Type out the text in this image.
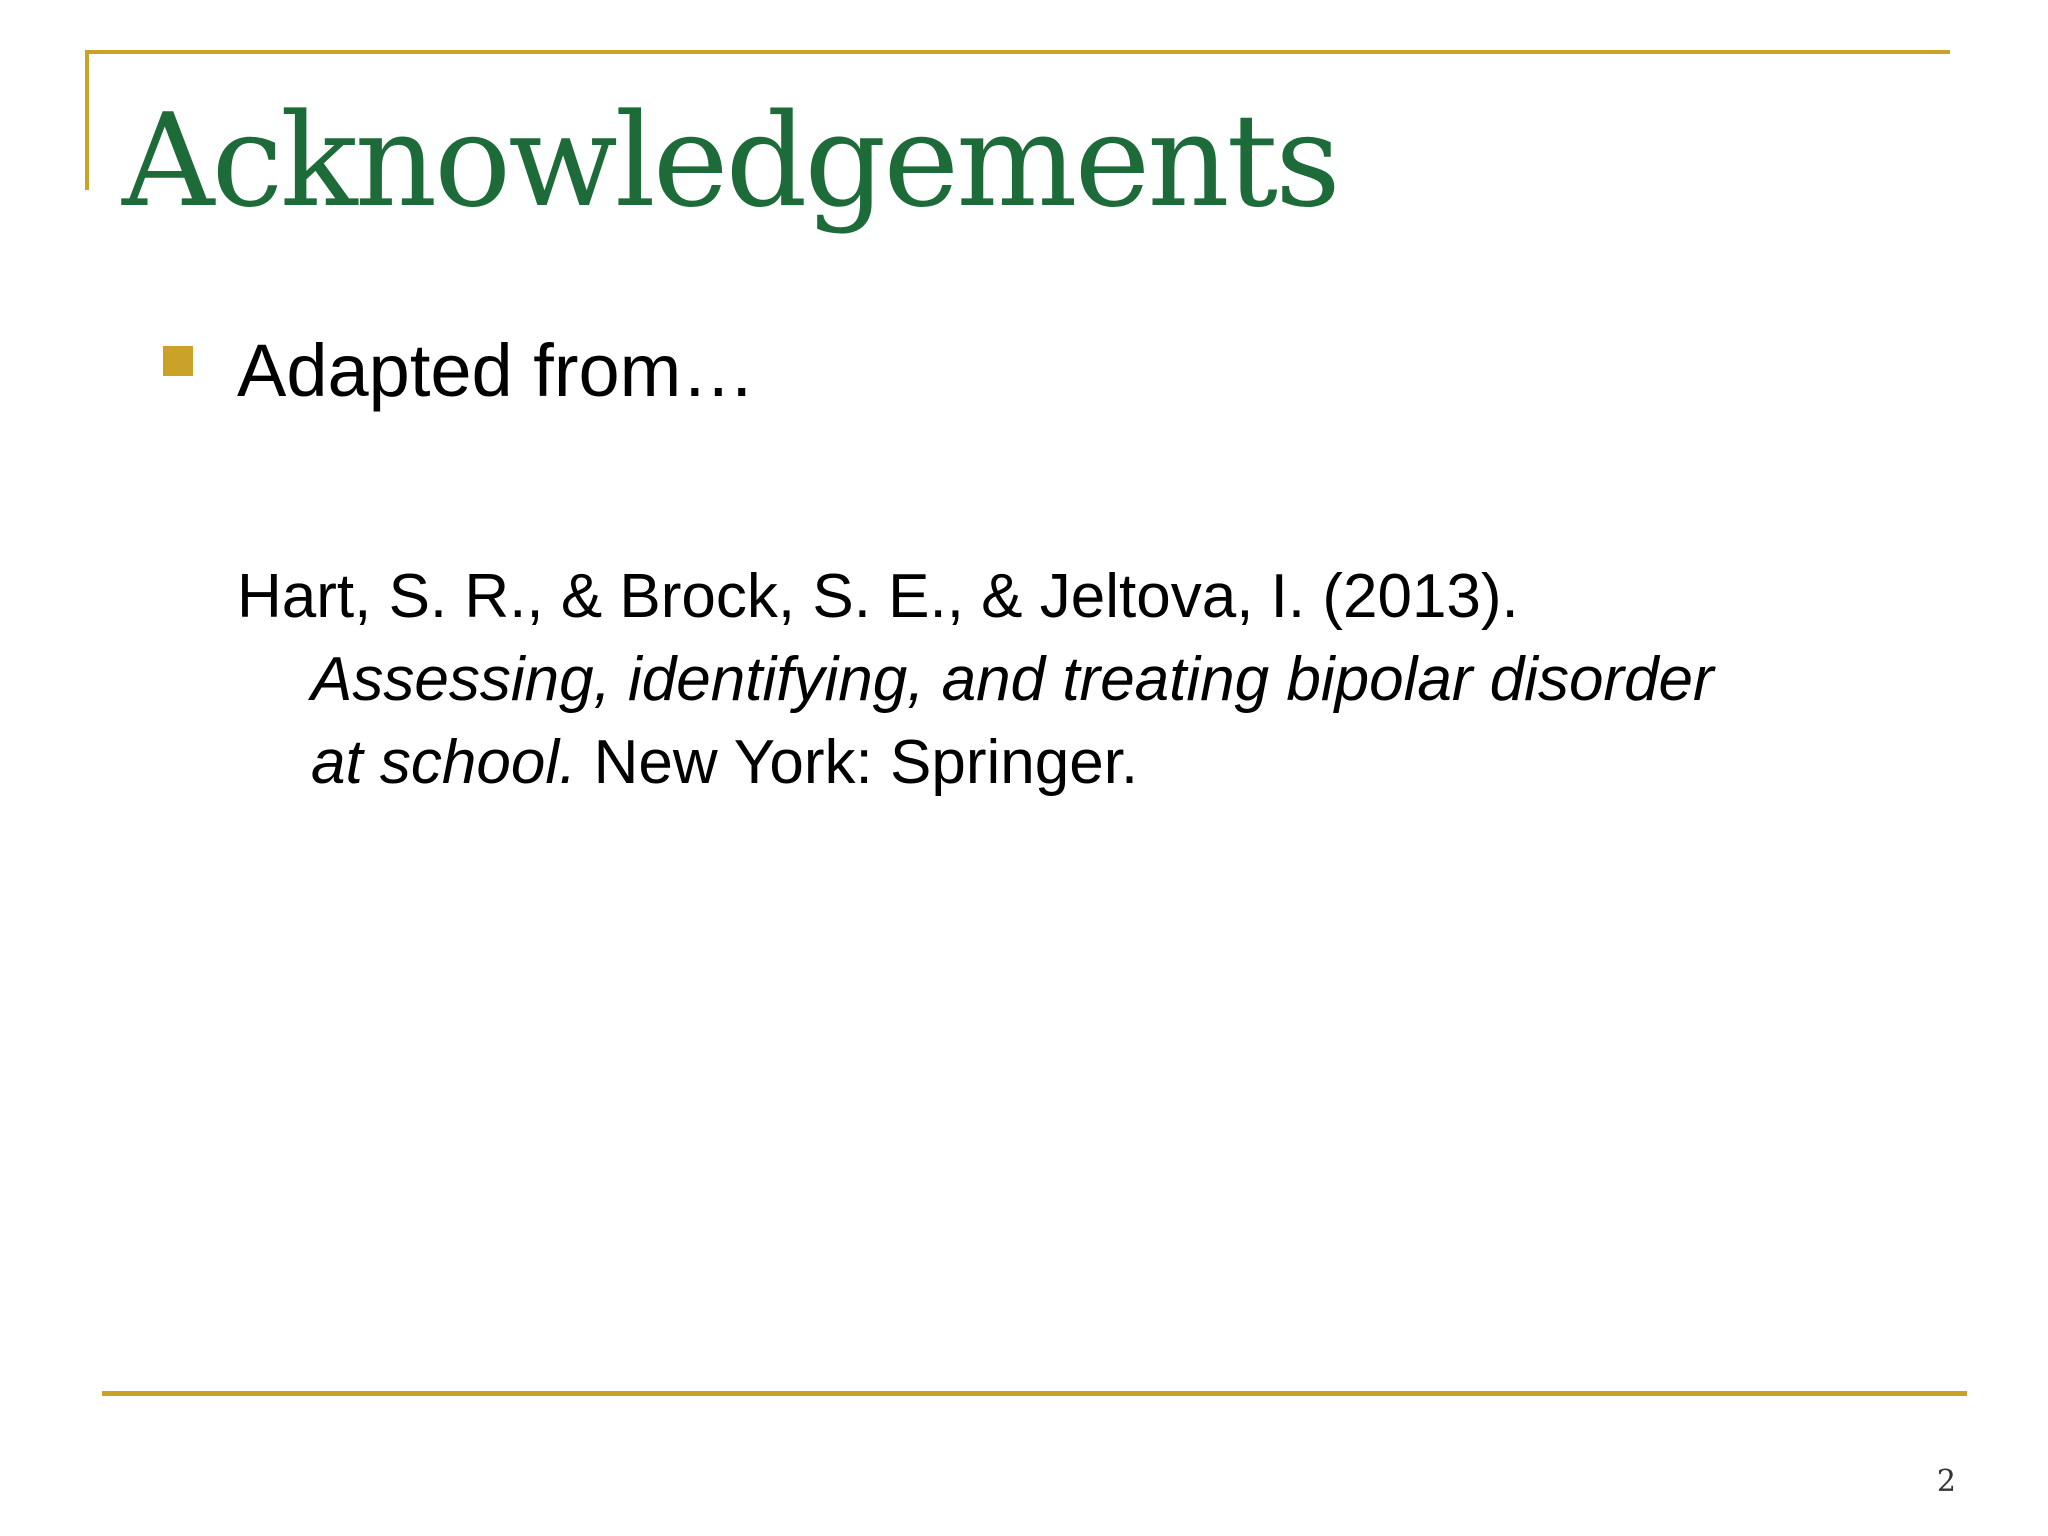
Acknowledgements
Adapted from…
Hart, S. R., & Brock, S. E., & Jeltova, I. (2013).
Assessing, identifying, and treating bipolar disorder
at school. New York: Springer.
2
